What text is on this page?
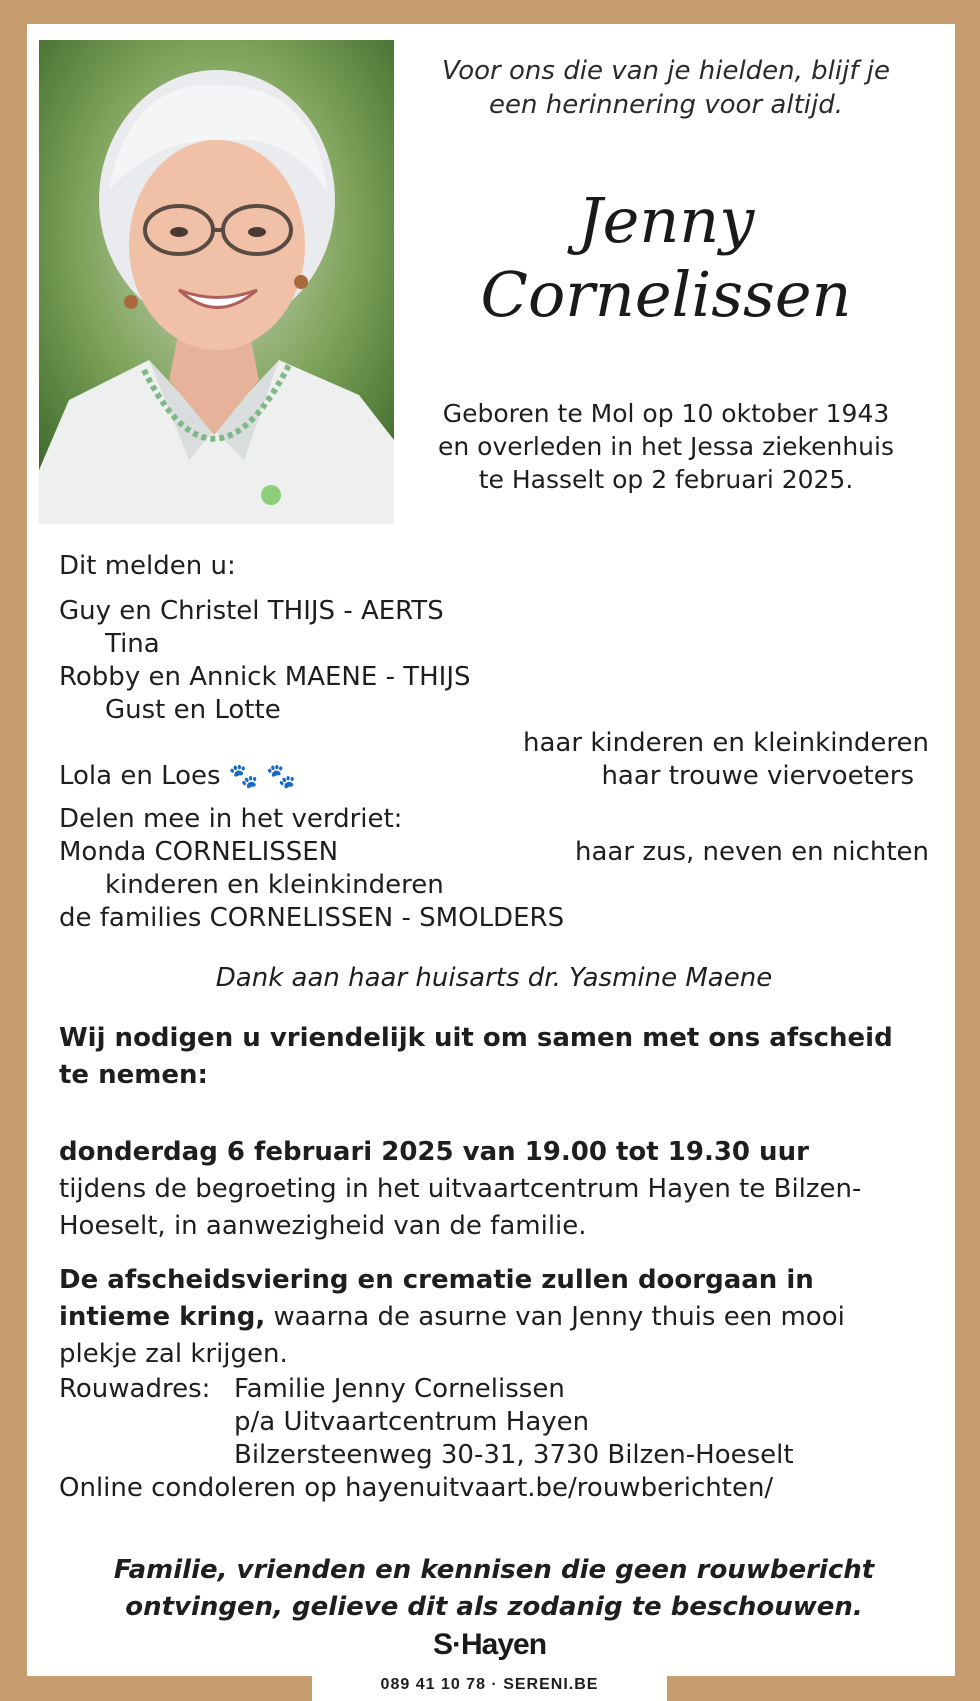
Voor ons die van je hielden, blijf je
een herinnering voor altijd.
Jenny
Cornelissen
Geboren te Mol op 10 oktober 1943
en overleden in het Jessa ziekenhuis
te Hasselt op 2 februari 2025.
Dit melden u:
Guy en Christel THIJS - AERTS
Tina
Robby en Annick MAENE - THIJS
Gust en Lotte
haar kinderen en kleinkinderen
Lola en Loes 🐾 🐾	haar trouwe viervoeters
Delen mee in het verdriet:
Monda CORNELISSEN	haar zus, neven en nichten
kinderen en kleinkinderen
de families CORNELISSEN - SMOLDERS
Dank aan haar huisarts dr. Yasmine Maene
Wij nodigen u vriendelijk uit om samen met ons afscheid te nemen:
donderdag 6 februari 2025 van 19.00 tot 19.30 uur
tijdens de begroeting in het uitvaartcentrum Hayen te Bilzen-Hoeselt, in aanwezigheid van de familie.
De afscheidsviering en crematie zullen doorgaan in intieme kring, waarna de asurne van Jenny thuis een mooi plekje zal krijgen.
Rouwadres: Familie Jenny Cornelissen
p/a Uitvaartcentrum Hayen
Bilzersteenweg 30-31, 3730 Bilzen-Hoeselt
Online condoleren op hayenuitvaart.be/rouwberichten/
Familie, vrienden en kennisen die geen rouwbericht
ontvingen, gelieve dit als zodanig te beschouwen.
S·Hayen
089 41 10 78 · SERENI.BE
